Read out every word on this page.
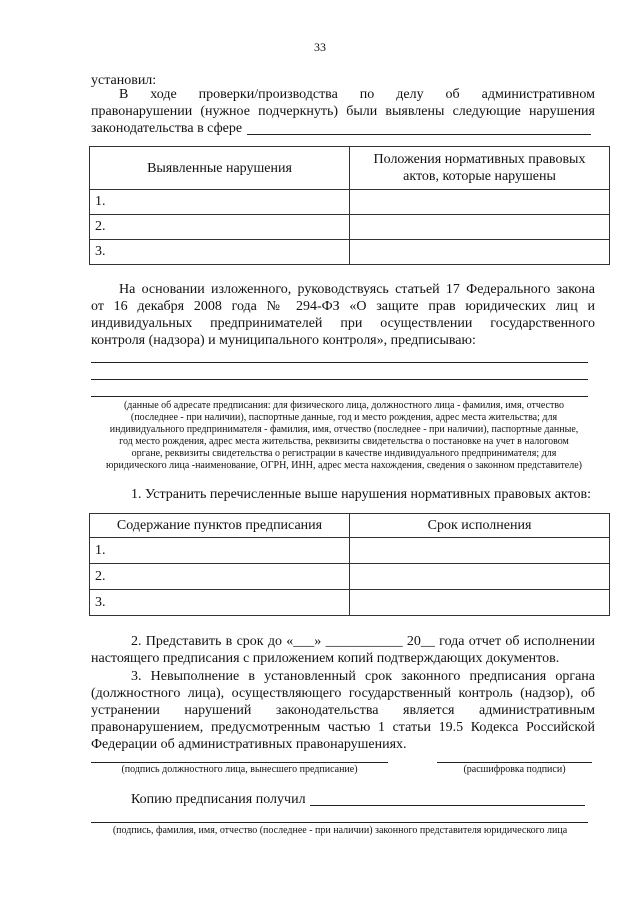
33
установил:
В ходе проверки/производства по делу об административном
правонарушении (нужное подчеркнуть) были выявлены следующие нарушения
законодательства в сфере
Выявленные нарушения	Положения нормативных правовых актов, которые нарушены
1.	
2.	
3.	
На основании изложенного, руководствуясь статьей 17 Федерального закона
от 16 декабря 2008 года № 294-ФЗ «О защите прав юридических лиц и
индивидуальных предпринимателей при осуществлении государственного
контроля (надзора) и муниципального контроля», предписываю:
(данные об адресате предписания: для физического лица, должностного лица - фамилия, имя, отчество (последнее - при наличии), паспортные данные, год и место рождения, адрес места жительства; для индивидуального предпринимателя - фамилия, имя, отчество (последнее - при наличии), паспортные данные, год место рождения, адрес места жительства, реквизиты свидетельства о постановке на учет в налоговом органе, реквизиты свидетельства о регистрации в качестве индивидуального предпринимателя; для юридического лица -наименование, ОГРН, ИНН, адрес места нахождения, сведения о законном представителе)
1. Устранить перечисленные выше нарушения нормативных правовых актов:
Содержание пунктов предписания	Срок исполнения
1.	
2.	
3.	
2. Представить в срок до «___» ___________ 20__ года отчет об исполнении
настоящего предписания с приложением копий подтверждающих документов.
3. Невыполнение в установленный срок законного предписания органа
(должностного лица), осуществляющего государственный контроль (надзор), об
устранении нарушений законодательства является административным
правонарушением, предусмотренным частью 1 статьи 19.5 Кодекса Российской
Федерации об административных правонарушениях.
(подпись должностного лица, вынесшего предписание)	(расшифровка подписи)
Копию предписания получил
(подпись, фамилия, имя, отчество (последнее - при наличии) законного представителя юридического лица
